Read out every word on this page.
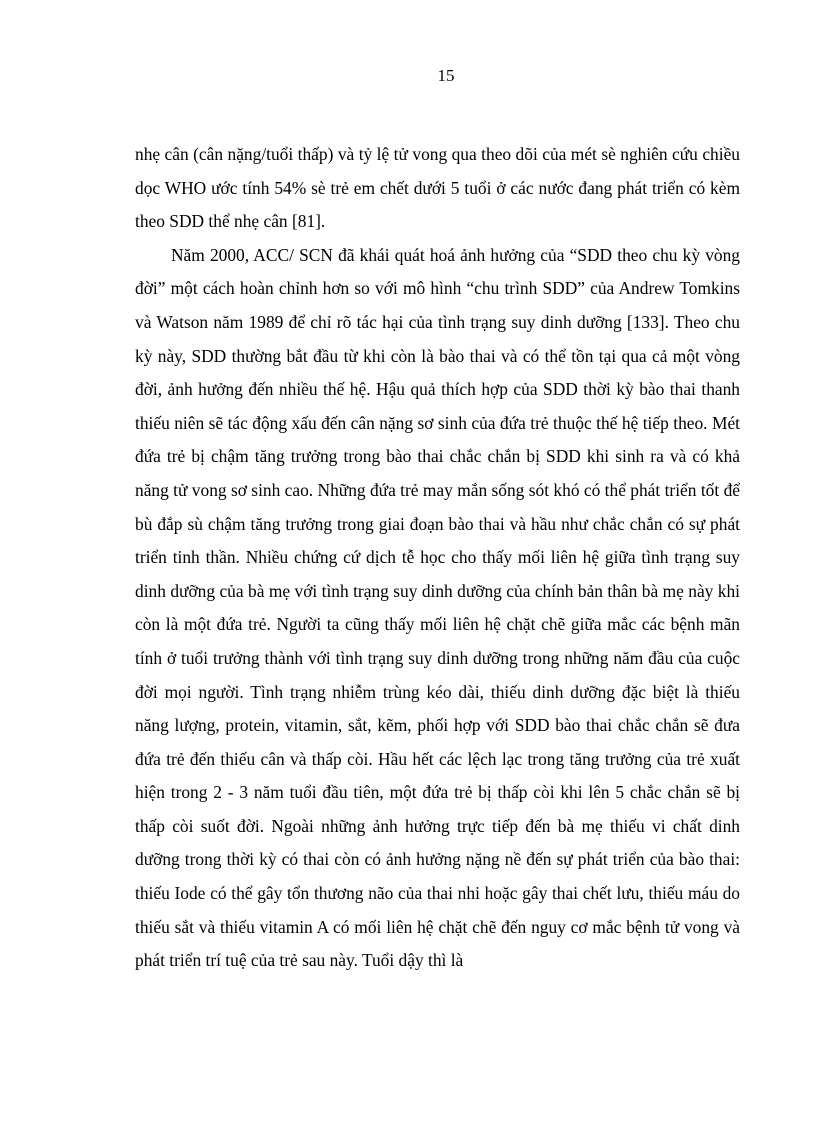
15

nhẹ cân (cân nặng/tuổi thấp) và tỷ lệ tử vong qua theo dõi của mét sè nghiên cứu chiều dọc WHO ước tính 54% sè trẻ em chết dưới 5 tuổi ở các nước đang phát triển có kèm theo SDD thể nhẹ cân [81].

Năm 2000, ACC/ SCN đã khái quát hoá ảnh hưởng của “SDD theo chu kỳ vòng đời” một cách hoàn chỉnh hơn so với mô hình “chu trình SDD” của Andrew Tomkins và Watson năm 1989 để chỉ rõ tác hại của tình trạng suy dinh dưỡng [133]. Theo chu kỳ này, SDD thường bắt đầu từ khi còn là bào thai và có thể tồn tại qua cả một vòng đời, ảnh hưởng đến nhiều thế hệ. Hậu quả thích hợp của SDD thời kỳ bào thai thanh thiếu niên sẽ tác động xấu đến cân nặng sơ sinh của đứa trẻ thuộc thế hệ tiếp theo. Mét đứa trẻ bị chậm tăng trưởng trong bào thai chắc chắn bị SDD khi sinh ra và có khả năng tử vong sơ sinh cao. Những đứa trẻ may mắn sống sót khó có thể phát triển tốt để bù đắp sù chậm tăng trưởng trong giai đoạn bào thai và hầu như chắc chắn có sự phát triển tinh thần. Nhiều chứng cứ dịch tễ học cho thấy mối liên hệ giữa tình trạng suy dinh dưỡng của bà mẹ với tình trạng suy dinh dưỡng của chính bản thân bà mẹ này khi còn là một đứa trẻ. Người ta cũng thấy mối liên hệ chặt chẽ giữa mắc các bệnh mãn tính ở tuổi trưởng thành với tình trạng suy dinh dưỡng trong những năm đầu của cuộc đời mọi người. Tình trạng nhiễm trùng kéo dài, thiếu dinh dưỡng đặc biệt là thiếu năng lượng, protein, vitamin, sắt, kẽm, phối hợp với SDD bào thai chắc chắn sẽ đưa đứa trẻ đến thiếu cân và thấp còi. Hầu hết các lệch lạc trong tăng trưởng của trẻ xuất hiện trong 2 - 3 năm tuổi đầu tiên, một đứa trẻ bị thấp còi khi lên 5 chắc chắn sẽ bị thấp còi suốt đời. Ngoài những ảnh hưởng trực tiếp đến bà mẹ thiếu vi chất dinh dưỡng trong thời kỳ có thai còn có ảnh hưởng nặng nề đến sự phát triển của bào thai: thiếu Iode có thể gây tổn thương não của thai nhi hoặc gây thai chết lưu, thiếu máu do thiếu sắt và thiếu vitamin A có mối liên hệ chặt chẽ đến nguy cơ mắc bệnh tử vong và phát triển trí tuệ của trẻ sau này. Tuổi dậy thì là
